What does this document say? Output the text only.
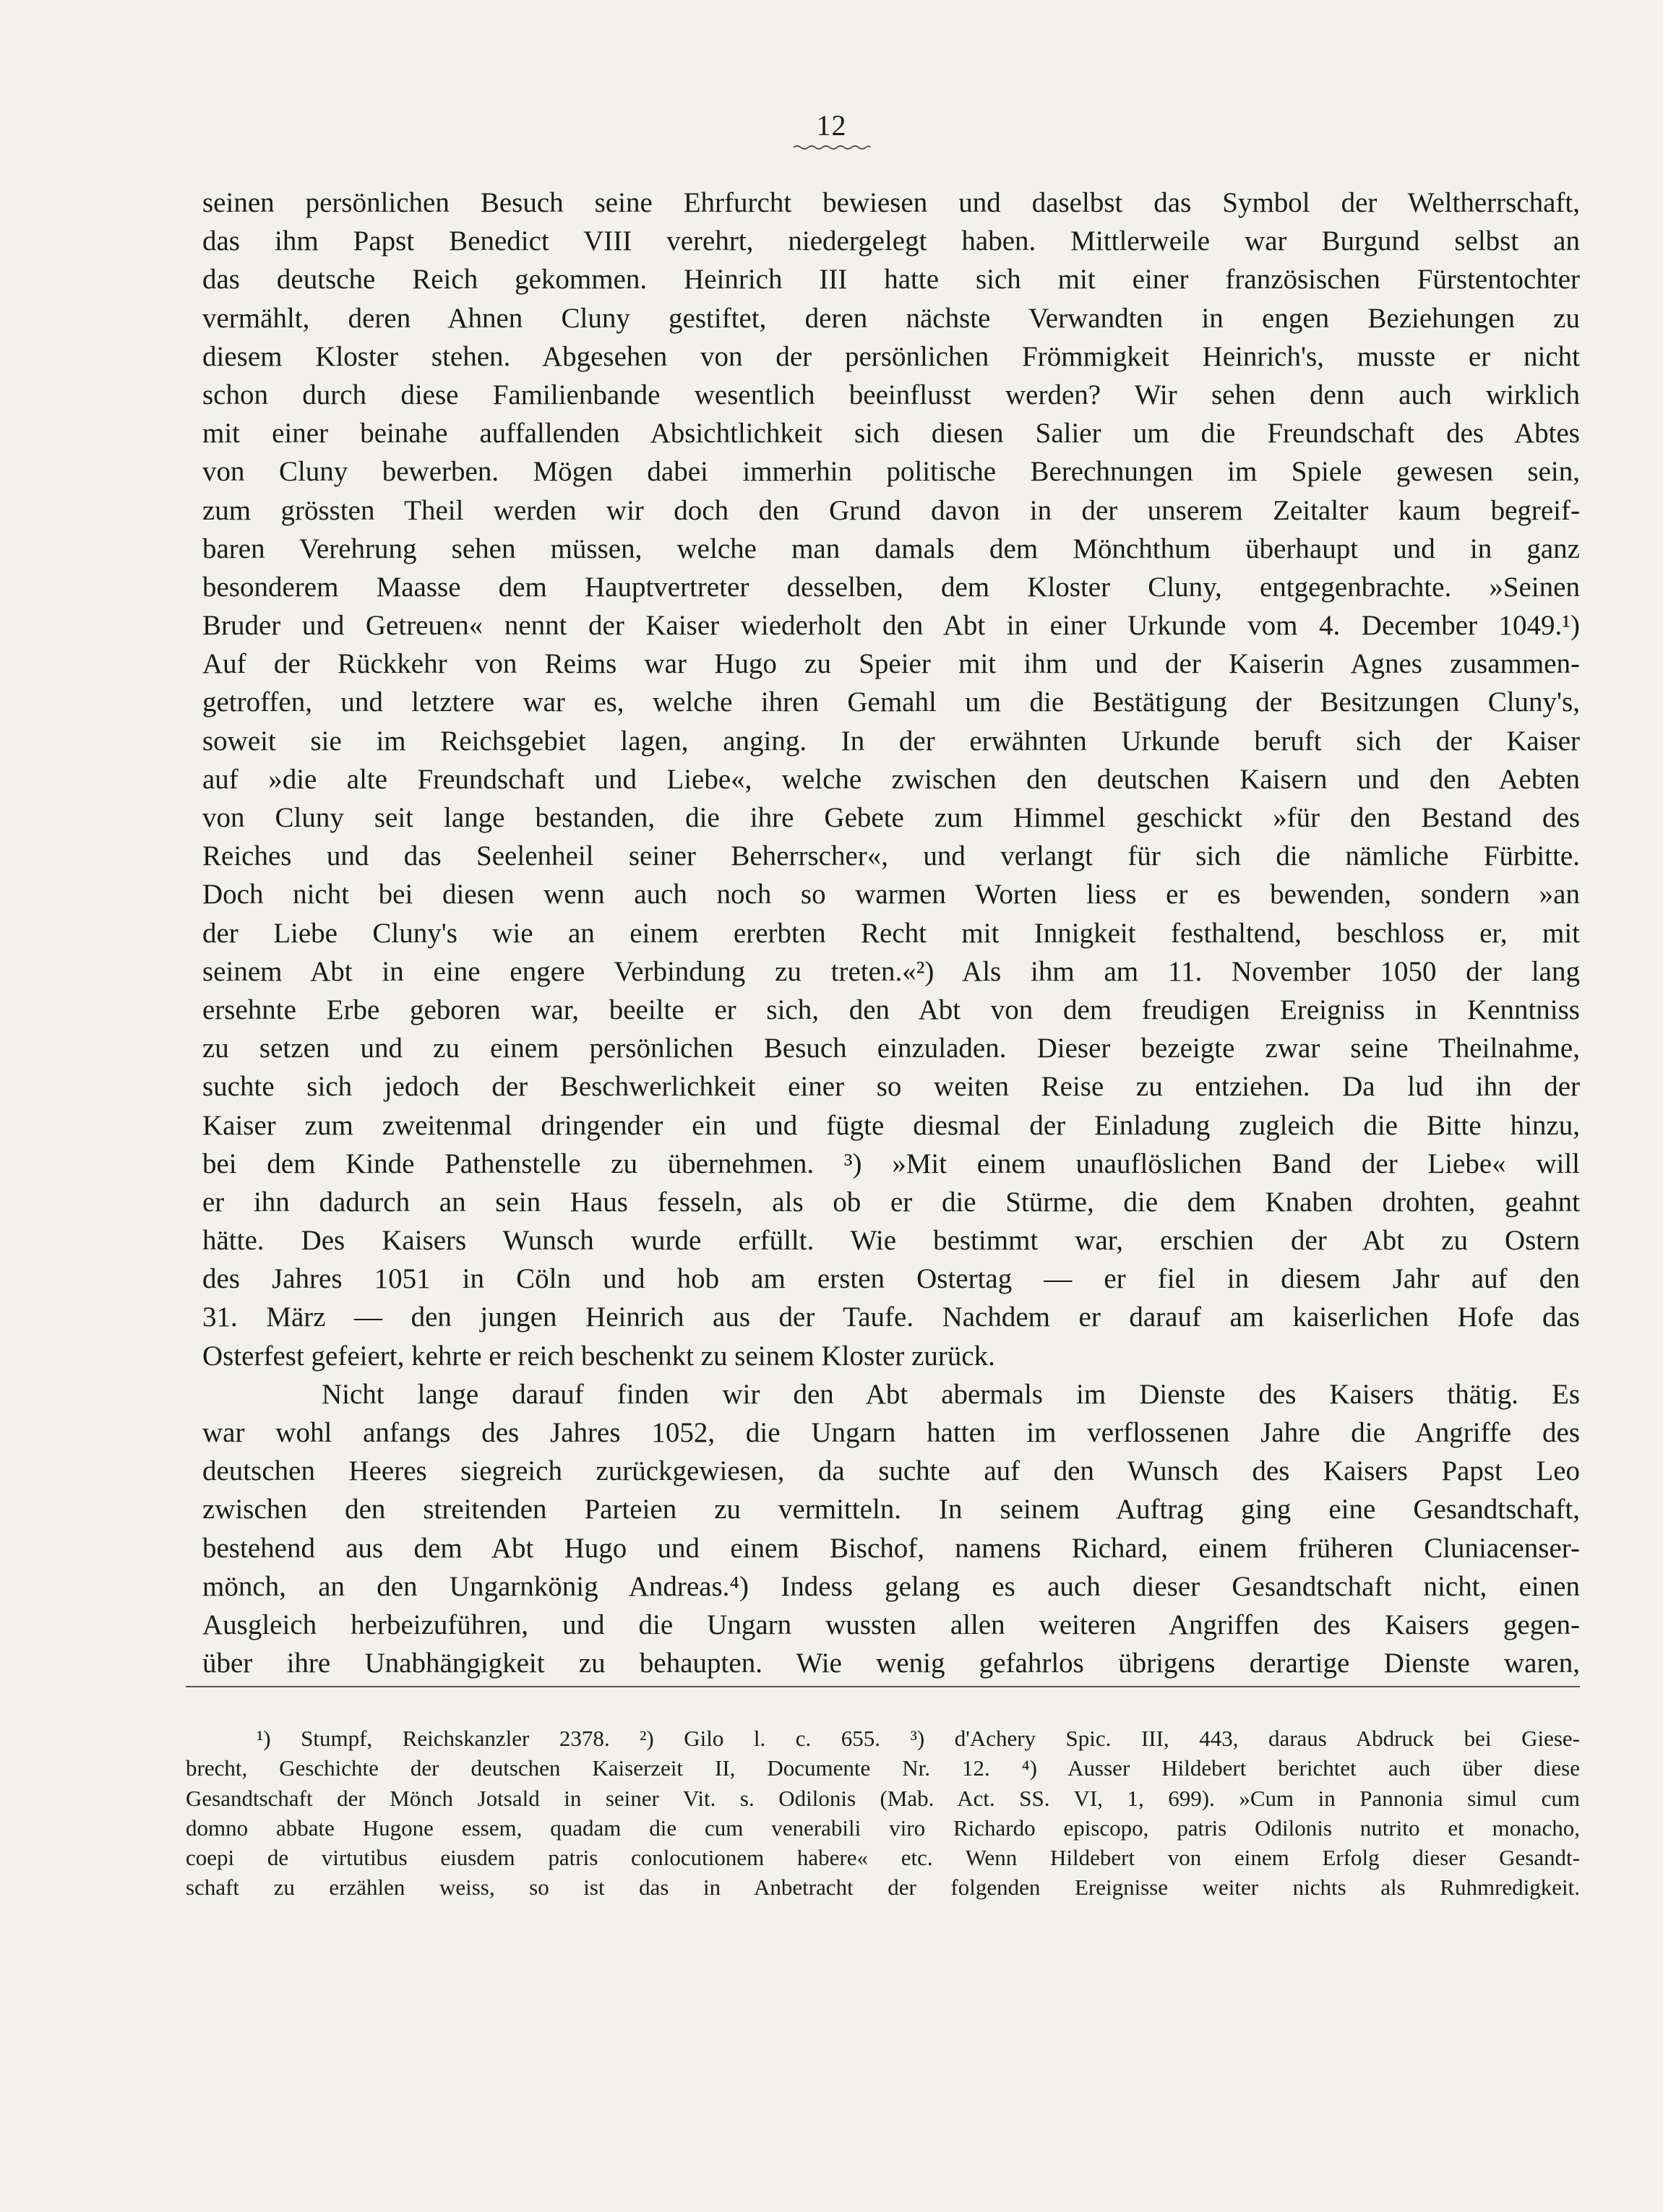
12
seinen persönlichen Besuch seine Ehrfurcht bewiesen und daselbst das Symbol der Weltherrschaft,
das ihm Papst Benedict VIII verehrt, niedergelegt haben. Mittlerweile war Burgund selbst an
das deutsche Reich gekommen. Heinrich III hatte sich mit einer französischen Fürstentochter
vermählt, deren Ahnen Cluny gestiftet, deren nächste Verwandten in engen Beziehungen zu
diesem Kloster stehen. Abgesehen von der persönlichen Frömmigkeit Heinrich's, musste er nicht
schon durch diese Familienbande wesentlich beeinflusst werden? Wir sehen denn auch wirklich
mit einer beinahe auffallenden Absichtlichkeit sich diesen Salier um die Freundschaft des Abtes
von Cluny bewerben. Mögen dabei immerhin politische Berechnungen im Spiele gewesen sein,
zum grössten Theil werden wir doch den Grund davon in der unserem Zeitalter kaum begreif-
baren Verehrung sehen müssen, welche man damals dem Mönchthum überhaupt und in ganz
besonderem Maasse dem Hauptvertreter desselben, dem Kloster Cluny, entgegenbrachte. »Seinen
Bruder und Getreuen« nennt der Kaiser wiederholt den Abt in einer Urkunde vom 4. December 1049.¹)
Auf der Rückkehr von Reims war Hugo zu Speier mit ihm und der Kaiserin Agnes zusammen-
getroffen, und letztere war es, welche ihren Gemahl um die Bestätigung der Besitzungen Cluny's,
soweit sie im Reichsgebiet lagen, anging. In der erwähnten Urkunde beruft sich der Kaiser
auf »die alte Freundschaft und Liebe«, welche zwischen den deutschen Kaisern und den Aebten
von Cluny seit lange bestanden, die ihre Gebete zum Himmel geschickt »für den Bestand des
Reiches und das Seelenheil seiner Beherrscher«, und verlangt für sich die nämliche Fürbitte.
Doch nicht bei diesen wenn auch noch so warmen Worten liess er es bewenden, sondern »an
der Liebe Cluny's wie an einem ererbten Recht mit Innigkeit festhaltend, beschloss er, mit
seinem Abt in eine engere Verbindung zu treten.«²) Als ihm am 11. November 1050 der lang
ersehnte Erbe geboren war, beeilte er sich, den Abt von dem freudigen Ereigniss in Kenntniss
zu setzen und zu einem persönlichen Besuch einzuladen. Dieser bezeigte zwar seine Theilnahme,
suchte sich jedoch der Beschwerlichkeit einer so weiten Reise zu entziehen. Da lud ihn der
Kaiser zum zweitenmal dringender ein und fügte diesmal der Einladung zugleich die Bitte hinzu,
bei dem Kinde Pathenstelle zu übernehmen. ³) »Mit einem unauflöslichen Band der Liebe« will
er ihn dadurch an sein Haus fesseln, als ob er die Stürme, die dem Knaben drohten, geahnt
hätte. Des Kaisers Wunsch wurde erfüllt. Wie bestimmt war, erschien der Abt zu Ostern
des Jahres 1051 in Cöln und hob am ersten Ostertag — er fiel in diesem Jahr auf den
31. März — den jungen Heinrich aus der Taufe. Nachdem er darauf am kaiserlichen Hofe das
Osterfest gefeiert, kehrte er reich beschenkt zu seinem Kloster zurück.
Nicht lange darauf finden wir den Abt abermals im Dienste des Kaisers thätig. Es
war wohl anfangs des Jahres 1052, die Ungarn hatten im verflossenen Jahre die Angriffe des
deutschen Heeres siegreich zurückgewiesen, da suchte auf den Wunsch des Kaisers Papst Leo
zwischen den streitenden Parteien zu vermitteln. In seinem Auftrag ging eine Gesandtschaft,
bestehend aus dem Abt Hugo und einem Bischof, namens Richard, einem früheren Cluniacenser-
mönch, an den Ungarnkönig Andreas.⁴) Indess gelang es auch dieser Gesandtschaft nicht, einen
Ausgleich herbeizuführen, und die Ungarn wussten allen weiteren Angriffen des Kaisers gegen-
über ihre Unabhängigkeit zu behaupten. Wie wenig gefahrlos übrigens derartige Dienste waren,
¹) Stumpf, Reichskanzler 2378. ²) Gilo l. c. 655. ³) d'Achery Spic. III, 443, daraus Abdruck bei Giese-
brecht, Geschichte der deutschen Kaiserzeit II, Documente Nr. 12. ⁴) Ausser Hildebert berichtet auch über diese
Gesandtschaft der Mönch Jotsald in seiner Vit. s. Odilonis (Mab. Act. SS. VI, 1, 699). »Cum in Pannonia simul cum
domno abbate Hugone essem, quadam die cum venerabili viro Richardo episcopo, patris Odilonis nutrito et monacho,
coepi de virtutibus eiusdem patris conlocutionem habere« etc. Wenn Hildebert von einem Erfolg dieser Gesandt-
schaft zu erzählen weiss, so ist das in Anbetracht der folgenden Ereignisse weiter nichts als Ruhmredigkeit.
